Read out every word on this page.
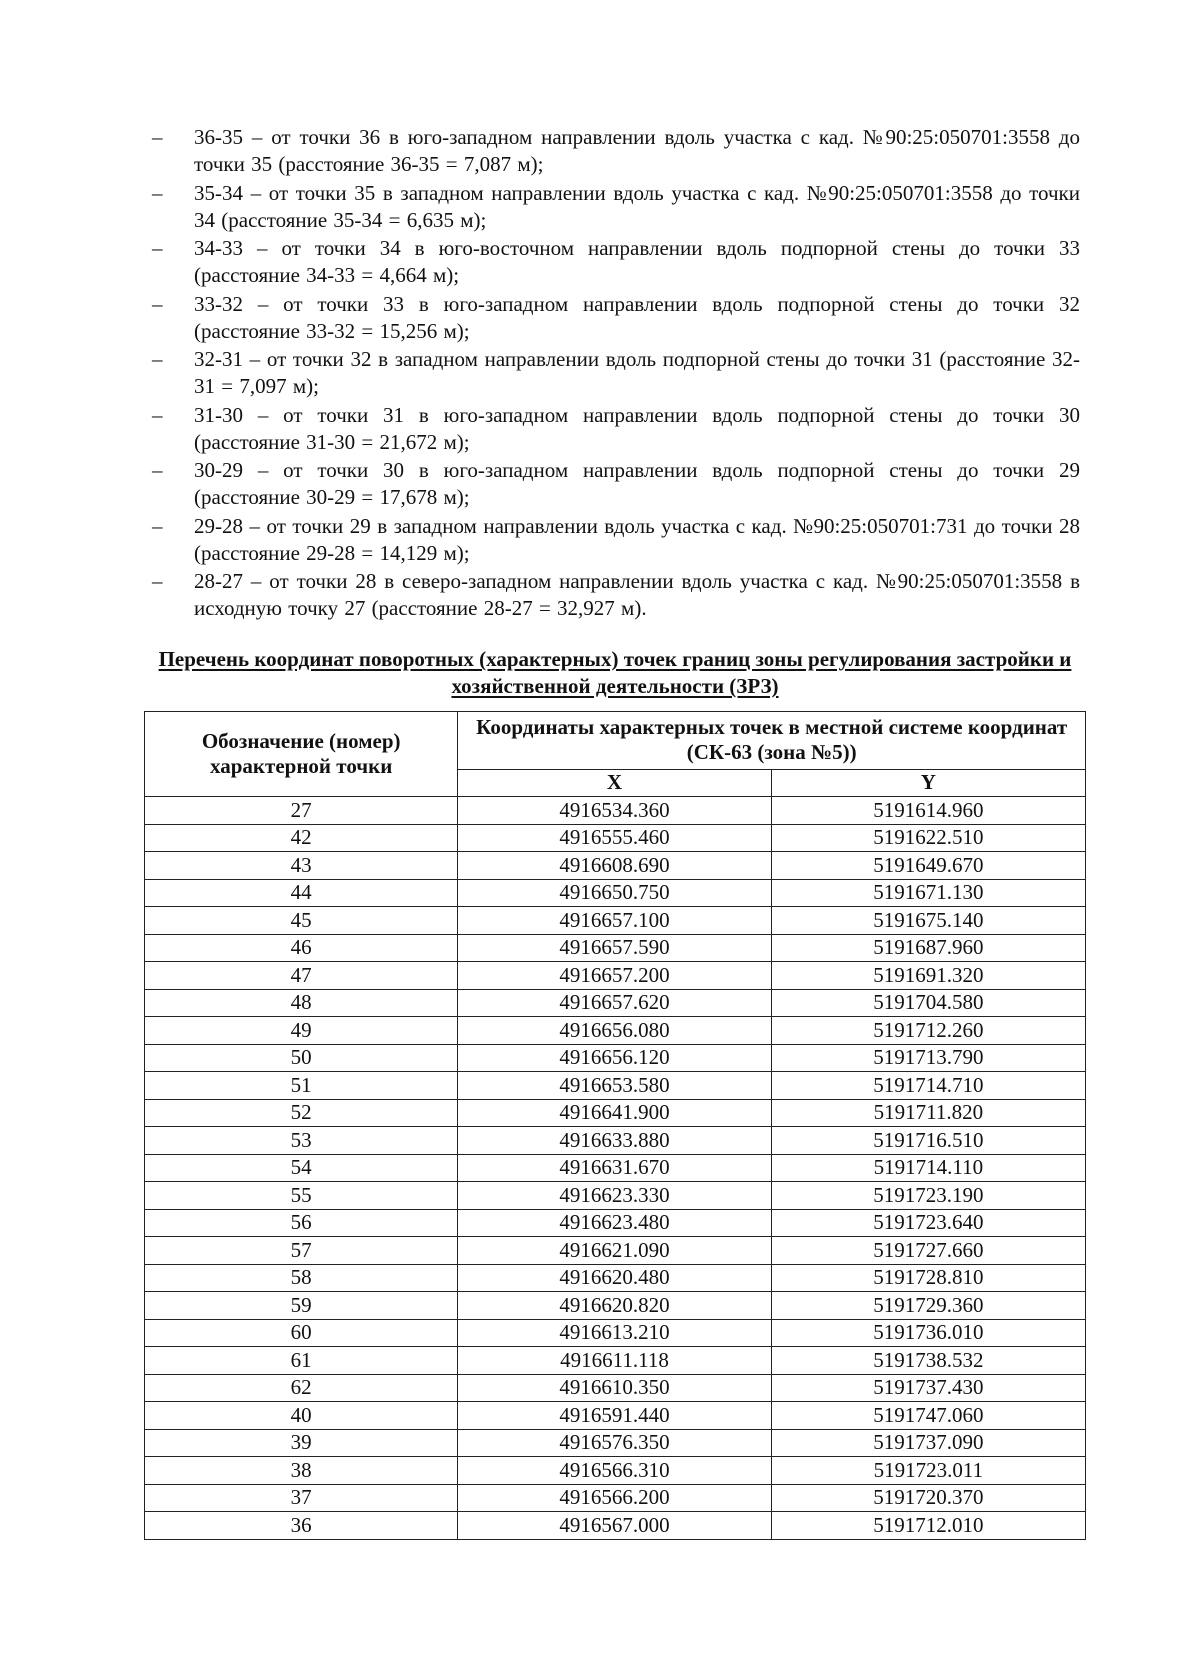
– 36-35 – от точки 36 в юго-западном направлении вдоль участка с кад. №90:25:050701:3558 до точки 35 (расстояние 36-35 = 7,087 м);
– 35-34 – от точки 35 в западном направлении вдоль участка с кад. №90:25:050701:3558 до точки 34 (расстояние 35-34 = 6,635 м);
– 34-33 – от точки 34 в юго-восточном направлении вдоль подпорной стены до точки 33 (расстояние 34-33 = 4,664 м);
– 33-32 – от точки 33 в юго-западном направлении вдоль подпорной стены до точки 32 (расстояние 33-32 = 15,256 м);
– 32-31 – от точки 32 в западном направлении вдоль подпорной стены до точки 31 (расстояние 32-31 = 7,097 м);
– 31-30 – от точки 31 в юго-западном направлении вдоль подпорной стены до точки 30 (расстояние 31-30 = 21,672 м);
– 30-29 – от точки 30 в юго-западном направлении вдоль подпорной стены до точки 29 (расстояние 30-29 = 17,678 м);
– 29-28 – от точки 29 в западном направлении вдоль участка с кад. №90:25:050701:731 до точки 28 (расстояние 29-28 = 14,129 м);
– 28-27 – от точки 28 в северо-западном направлении вдоль участка с кад. №90:25:050701:3558 в исходную точку 27 (расстояние 28-27 = 32,927 м).
Перечень координат поворотных (характерных) точек границ зоны регулирования застройки и хозяйственной деятельности (ЗРЗ)
Обозначение (номер) характерной точки	Координаты характерных точек в местной системе координат (СК-63 (зона №5))	
	X	Y
27	4916534.360	5191614.960
42	4916555.460	5191622.510
43	4916608.690	5191649.670
44	4916650.750	5191671.130
45	4916657.100	5191675.140
46	4916657.590	5191687.960
47	4916657.200	5191691.320
48	4916657.620	5191704.580
49	4916656.080	5191712.260
50	4916656.120	5191713.790
51	4916653.580	5191714.710
52	4916641.900	5191711.820
53	4916633.880	5191716.510
54	4916631.670	5191714.110
55	4916623.330	5191723.190
56	4916623.480	5191723.640
57	4916621.090	5191727.660
58	4916620.480	5191728.810
59	4916620.820	5191729.360
60	4916613.210	5191736.010
61	4916611.118	5191738.532
62	4916610.350	5191737.430
40	4916591.440	5191747.060
39	4916576.350	5191737.090
38	4916566.310	5191723.011
37	4916566.200	5191720.370
36	4916567.000	5191712.010
